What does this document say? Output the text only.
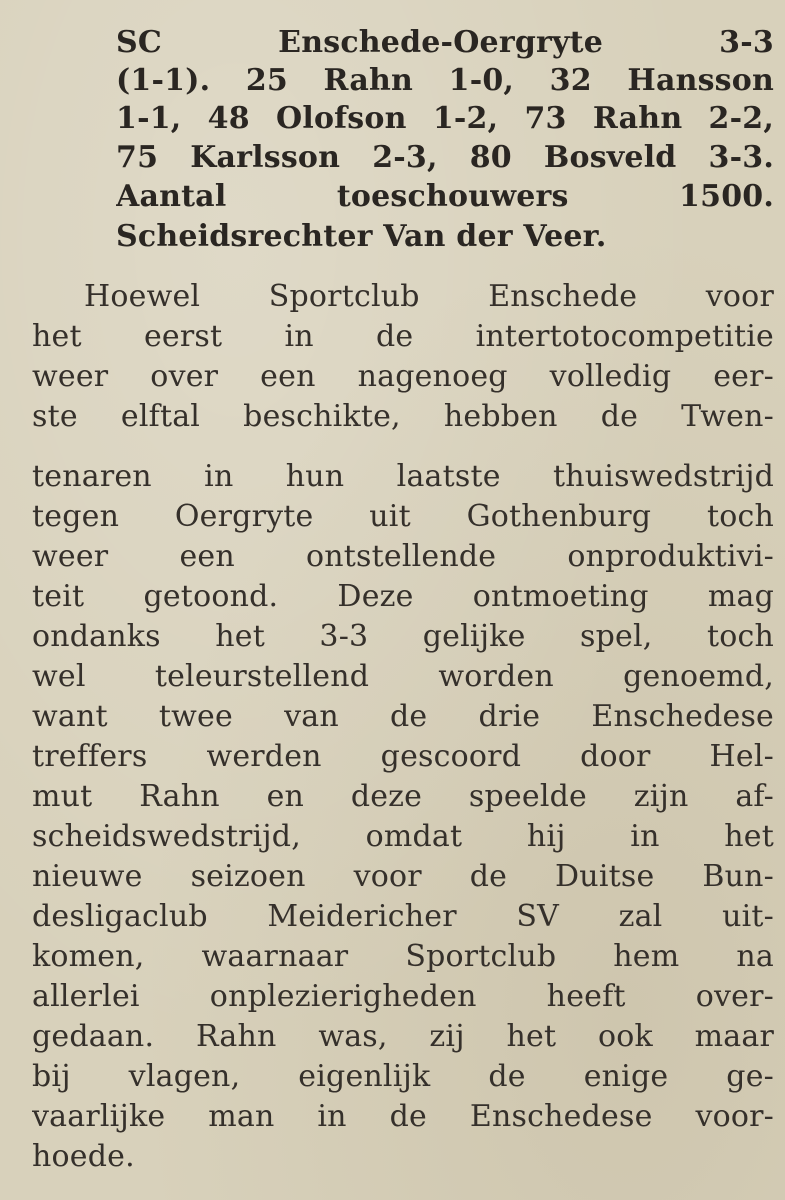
SC Enschede-Oergryte 3-3
(1-1). 25 Rahn 1-0, 32 Hansson
1-1, 48 Olofson 1-2, 73 Rahn 2-2,
75 Karlsson 2-3, 80 Bosveld 3-3.
Aantal toeschouwers 1500.
Scheidsrechter Van der Veer.
Hoewel Sportclub Enschede voor
het eerst in de intertotocompetitie
weer over een nagenoeg volledig eer-
ste elftal beschikte, hebben de Twen-
tenaren in hun laatste thuiswedstrijd
tegen Oergryte uit Gothenburg toch
weer een ontstellende onproduktivi-
teit getoond. Deze ontmoeting mag
ondanks het 3-3 gelijke spel, toch
wel teleurstellend worden genoemd,
want twee van de drie Enschedese
treffers werden gescoord door Hel-
mut Rahn en deze speelde zijn af-
scheidswedstrijd, omdat hij in het
nieuwe seizoen voor de Duitse Bun-
desligaclub Meidericher SV zal uit-
komen, waarnaar Sportclub hem na
allerlei onplezierigheden heeft over-
gedaan. Rahn was, zij het ook maar
bij vlagen, eigenlijk de enige ge-
vaarlijke man in de Enschedese voor-
hoede.
